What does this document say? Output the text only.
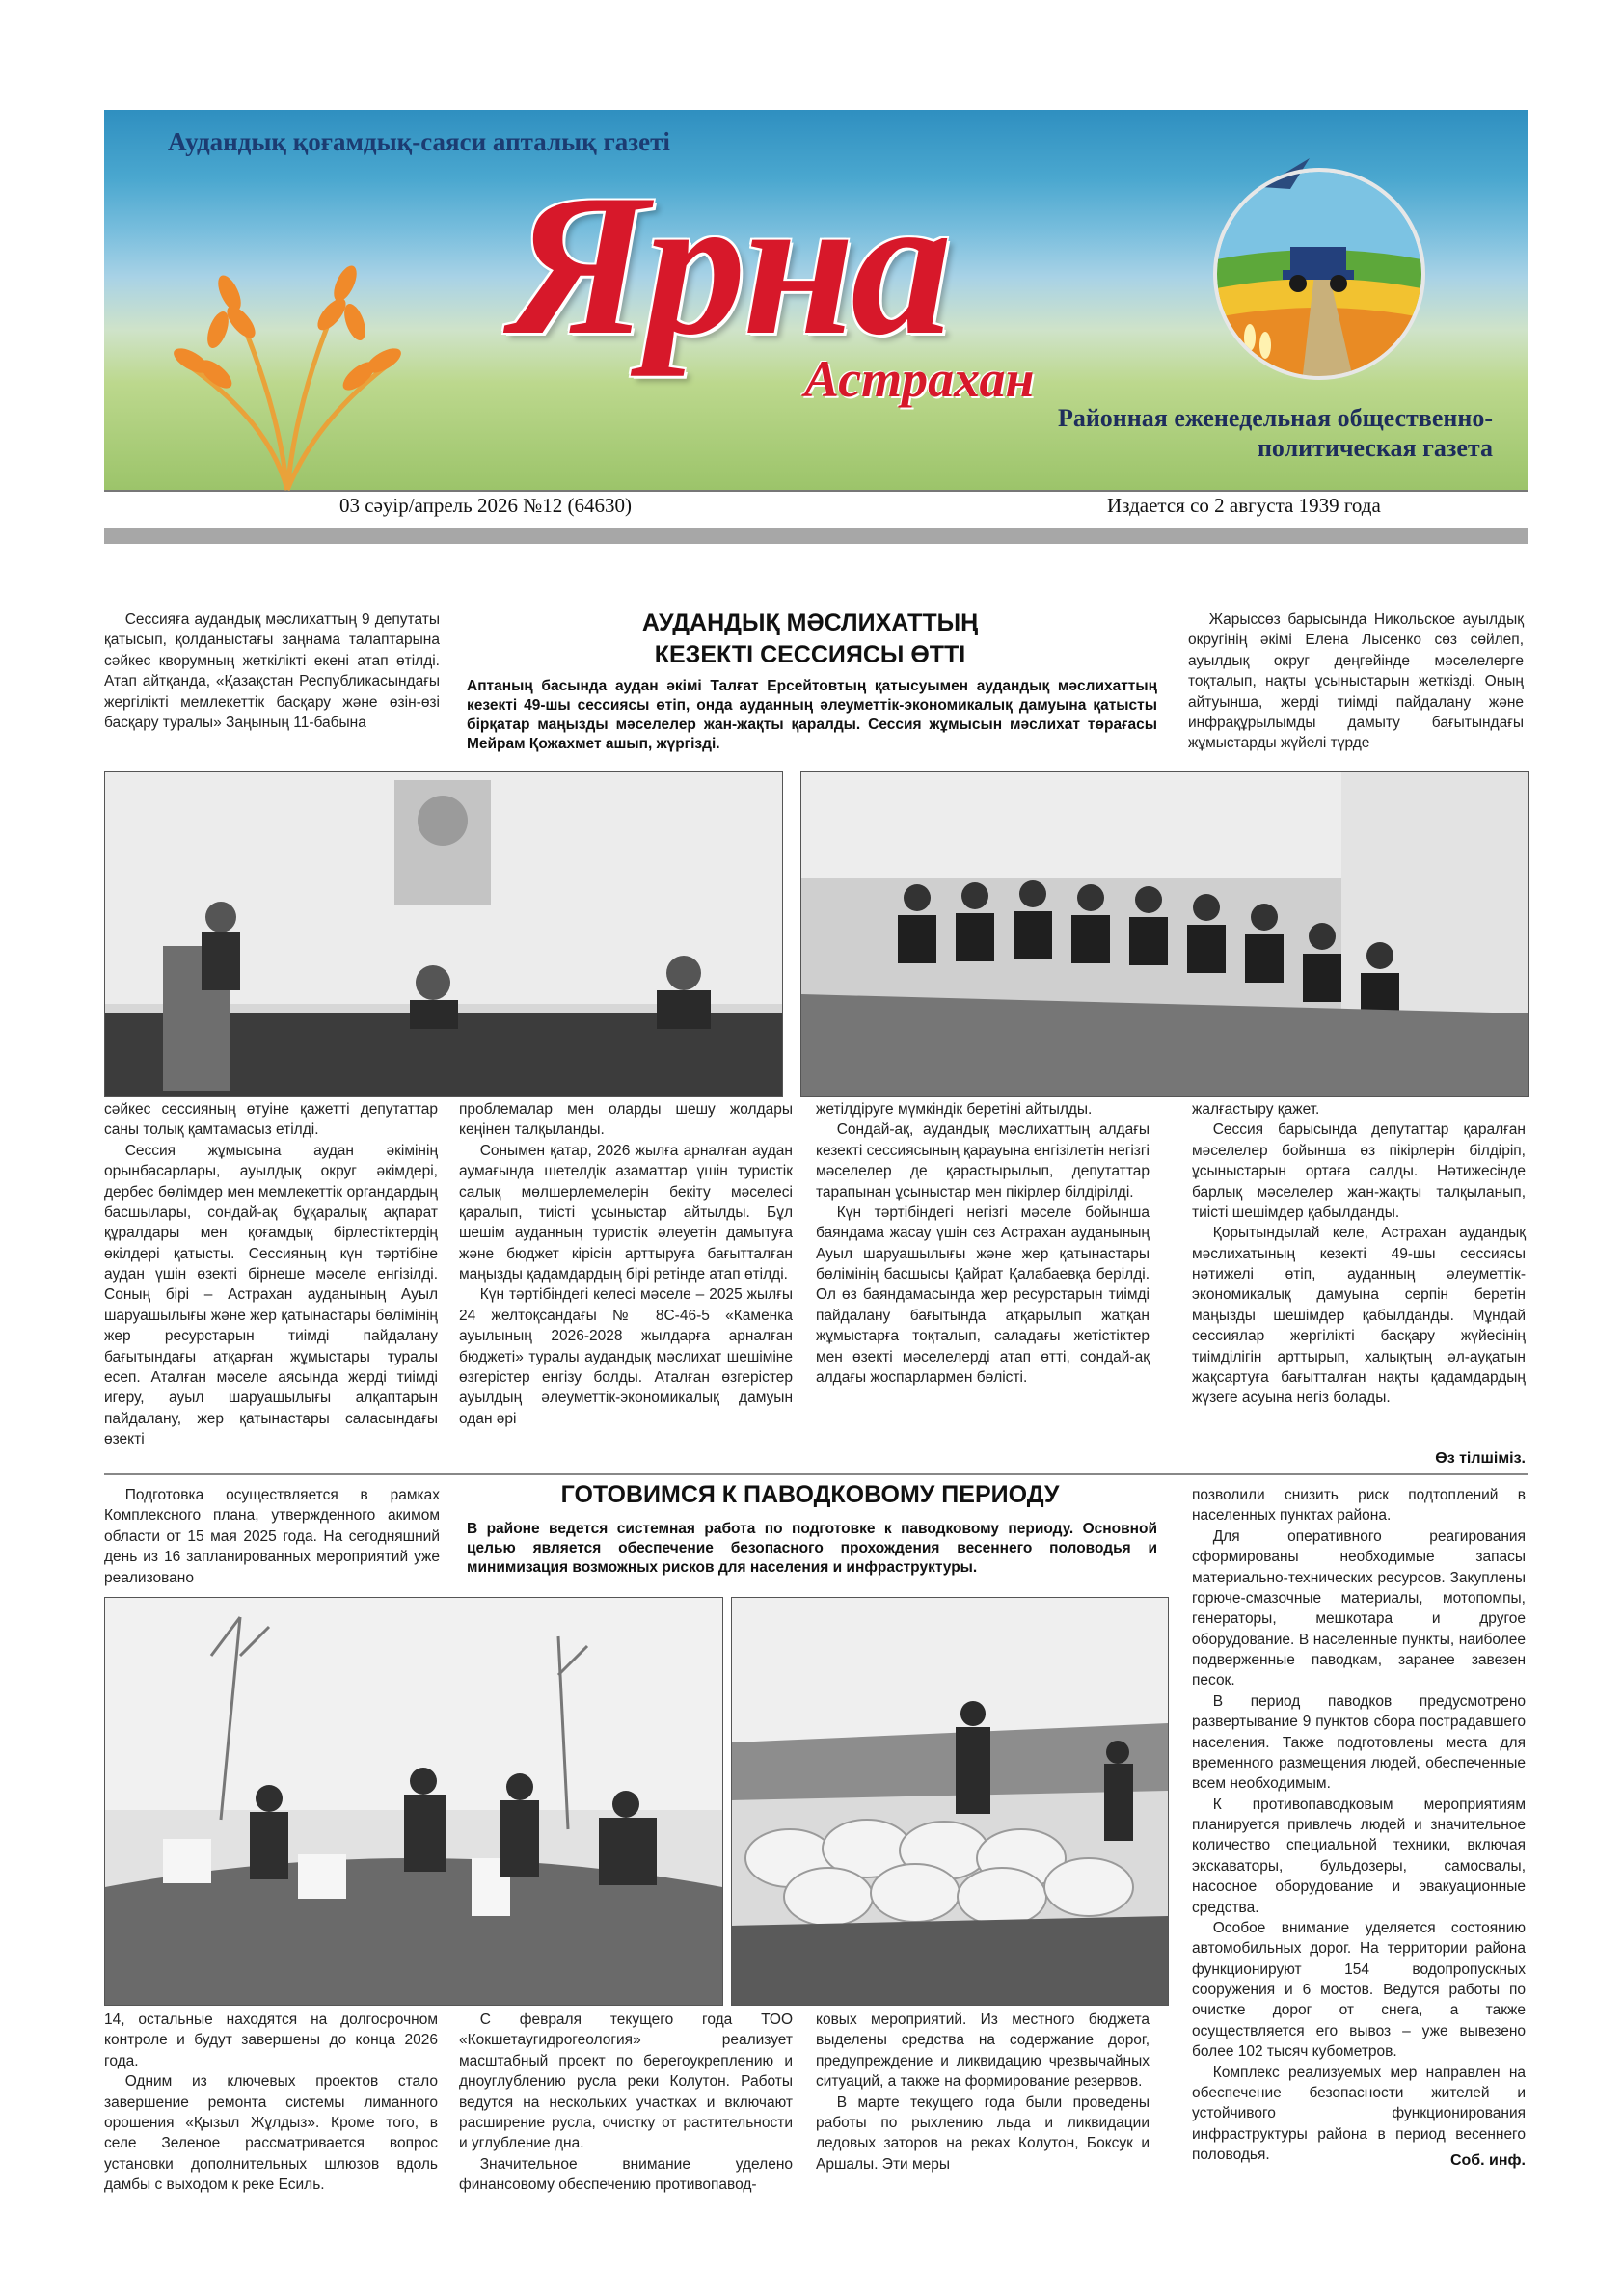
Аудандық қоғамдық-саяси апталық газеті
Ярна
Астрахан
Районная еженедельная общественно-политическая газета
03 сәуір/апрель 2026 №12 (64630)	Издается со 2 августа 1939 года

Сессияға аудандық мәслихаттың 9 депутаты қатысып, қолданыстағы заңнама талаптарына сәйкес кворумның жеткілікті екені атап өтілді. Атап айтқанда, «Қазақстан Республикасындағы жергілікті мемлекеттік басқару және өзін-өзі басқару туралы» Заңының 11-бабына

АУДАНДЫҚ МӘСЛИХАТТЫҢ
КЕЗЕКТІ СЕССИЯСЫ ӨТТІ
Аптаның басында аудан әкімі Талғат Ерсейтовтың қатысуымен аудандық мәслихаттың кезекті 49-шы сессиясы өтіп, онда ауданның әлеуметтік-экономикалық дамуына қатысты бірқатар маңызды мәселелер жан-жақты қаралды. Сессия жұмысын мәслихат төрағасы Мейрам Қожахмет ашып, жүргізді.

Жарыссөз барысында Никольское ауылдық округінің әкімі Елена Лысенко сөз сөйлеп, ауылдық округ деңгейінде мәселелерге тоқталып, нақты ұсыныстарын жеткізді. Оның айтуынша, жерді тиімді пайдалану және инфрақұрылымды дамыту бағытындағы жұмыстарды жүйелі түрде

сәйкес сессияның өтуіне қажетті депутаттар саны толық қамтамасыз етілді.

Сессия жұмысына аудан әкімінің орынбасарлары, ауылдық округ әкімдері, дербес бөлімдер мен мемлекеттік органдардың басшылары, сондай-ақ бұқаралық ақпарат құралдары мен қоғамдық бірлестіктердің өкілдері қатысты. Сессияның күн тәртібіне аудан үшін өзекті бірнеше мәселе енгізілді. Соның бірі – Астрахан ауданының Ауыл шаруашылығы және жер қатынастары бөлімінің жер ресурстарын тиімді пайдалану бағытындағы атқарған жұмыстары туралы есеп. Аталған мәселе аясында жерді тиімді игеру, ауыл шаруашылығы алқаптарын пайдалану, жер қатынастары саласындағы өзекті

проблемалар мен оларды шешу жолдары кеңінен талқыланды.

Сонымен қатар, 2026 жылға арналған аудан аумағында шетелдік азаматтар үшін туристік салық мөлшерлемелерін бекіту мәселесі қаралып, тиісті ұсыныстар айтылды. Бұл шешім ауданның туристік әлеуетін дамытуға және бюджет кірісін арттыруға бағытталған маңызды қадамдардың бірі ретінде атап өтілді.

Күн тәртібіндегі келесі мәселе – 2025 жылғы 24 желтоқсандағы № 8С-46-5 «Каменка ауылының 2026-2028 жылдарға арналған бюджеті» туралы аудандық мәслихат шешіміне өзгерістер енгізу болды. Аталған өзгерістер ауылдың әлеуметтік-экономикалық дамуын одан әрі

жетілдіруге мүмкіндік беретіні айтылды.

Сондай-ақ, аудандық мәслихаттың алдағы кезекті сессиясының қарауына енгізілетін негізгі мәселелер де қарастырылып, депутаттар тарапынан ұсыныстар мен пікірлер білдірілді.

Күн тәртібіндегі негізгі мәселе бойынша баяндама жасау үшін сөз Астрахан ауданының Ауыл шаруашылығы және жер қатынастары бөлімінің басшысы Қайрат Қалабаевқа берілді. Ол өз баяндамасында жер ресурстарын тиімді пайдалану бағытында атқарылып жатқан жұмыстарға тоқталып, саладағы жетістіктер мен өзекті мәселелерді атап өтті, сондай-ақ алдағы жоспарлармен бөлісті.

жалғастыру қажет.

Сессия барысында депутаттар қаралған мәселелер бойынша өз пікірлерін білдіріп, ұсыныстарын ортаға салды. Нәтижесінде барлық мәселелер жан-жақты талқыланып, тиісті шешімдер қабылданды.

Қорытындылай келе, Астрахан аудандық мәслихатының кезекті 49-шы сессиясы нәтижелі өтіп, ауданның әлеуметтік-экономикалық дамуына серпін беретін маңызды шешімдер қабылданды. Мұндай сессиялар жергілікті басқару жүйесінің тиімділігін арттырып, халықтың әл-ауқатын жақсартуға бағытталған нақты қадамдардың жүзеге асуына негіз болады.

Өз тілшіміз.

Подготовка осуществляется в рамках Комплексного плана, утвержденного акимом области от 15 мая 2025 года. На сегодняшний день из 16 запланированных мероприятий уже реализовано

ГОТОВИМСЯ К ПАВОДКОВОМУ ПЕРИОДУ
В районе ведется системная работа по подготовке к паводковому периоду. Основной целью является обеспечение безопасного прохождения весеннего половодья и минимизация возможных рисков для населения и инфраструктуры.

позволили снизить риск подтоплений в населенных пунктах района.

Для оперативного реагирования сформированы необходимые запасы материально-технических ресурсов. Закуплены горюче-смазочные материалы, мотопомпы, генераторы, мешкотара и другое оборудование. В населенные пункты, наиболее подверженные паводкам, заранее завезен песок.

В период паводков предусмотрено развертывание 9 пунктов сбора пострадавшего населения. Также подготовлены места для временного размещения людей, обеспеченные всем необходимым.

К противопаводковым мероприятиям планируется привлечь людей и значительное количество специальной техники, включая экскаваторы, бульдозеры, самосвалы, насосное оборудование и эвакуационные средства.

Особое внимание уделяется состоянию автомобильных дорог. На территории района функционируют 154 водопропускных сооружения и 6 мостов. Ведутся работы по очистке дорог от снега, а также осуществляется его вывоз – уже вывезено более 102 тысяч кубометров.

Комплекс реализуемых мер направлен на обеспечение безопасности жителей и устойчивого функционирования инфраструктуры района в период весеннего половодья.	Соб. инф.

14, остальные находятся на долгосрочном контроле и будут завершены до конца 2026 года.

Одним из ключевых проектов стало завершение ремонта системы лиманного орошения «Қызыл Жұлдыз». Кроме того, в селе Зеленое рассматривается вопрос установки дополнительных шлюзов вдоль дамбы с выходом к реке Есиль.

С февраля текущего года ТОО «Кокшетаугидрогеология» реализует масштабный проект по берегоукреплению и дноуглублению русла реки Колутон. Работы ведутся на нескольких участках и включают расширение русла, очистку от растительности и углубление дна.

Значительное внимание уделено финансовому обеспечению противопавод-

ковых мероприятий. Из местного бюджета выделены средства на содержание дорог, предупреждение и ликвидацию чрезвычайных ситуаций, а также на формирование резервов.

В марте текущего года были проведены работы по рыхлению льда и ликвидации ледовых заторов на реках Колутон, Боксук и Аршалы. Эти меры
